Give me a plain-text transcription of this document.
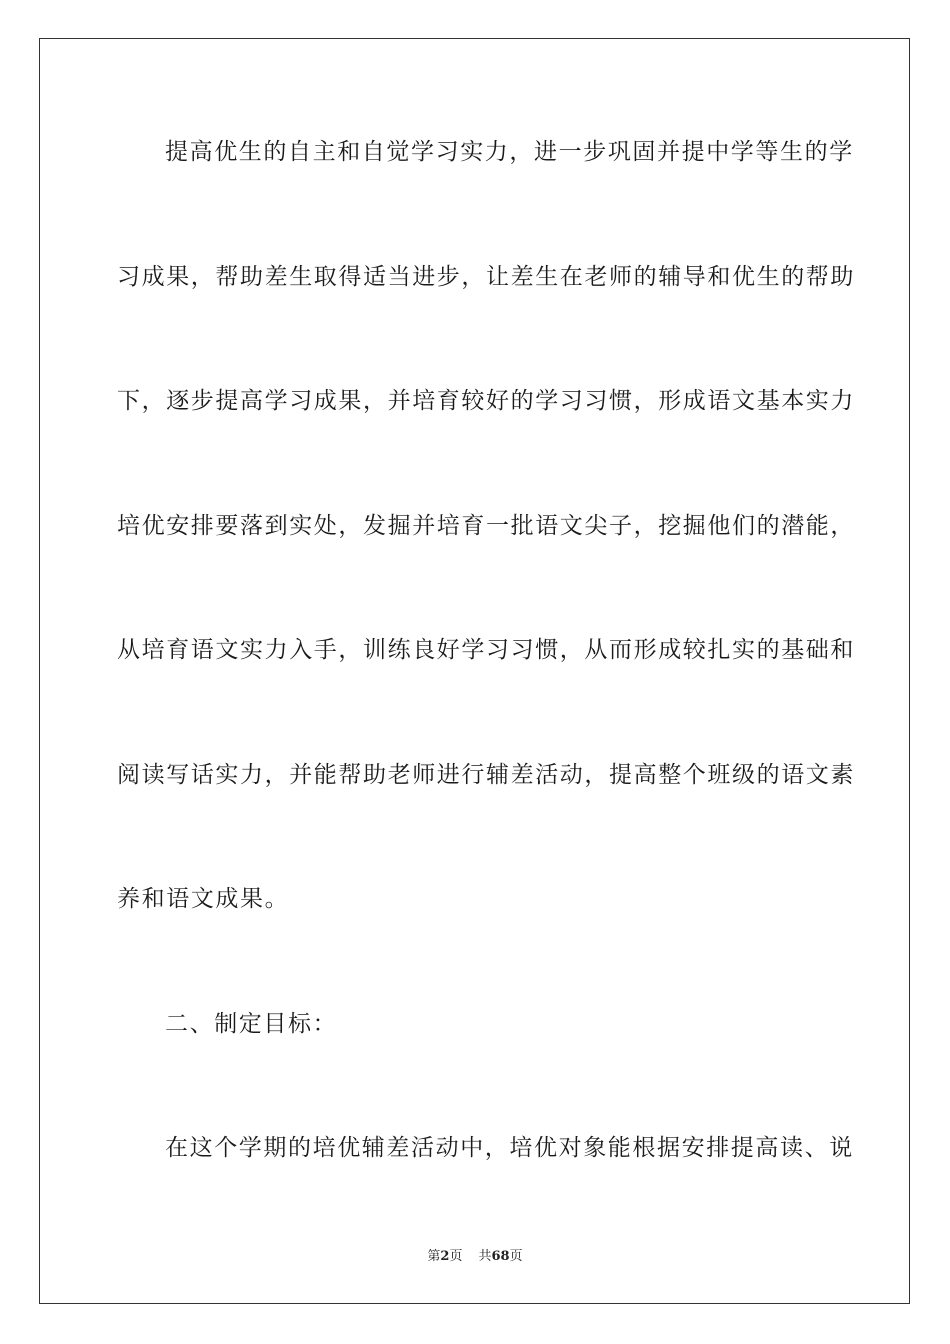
提高优生的自主和自觉学习实力，进一步巩固并提中学等生的学
习成果，帮助差生取得适当进步，让差生在老师的辅导和优生的帮助
下，逐步提高学习成果，并培育较好的学习习惯，形成语文基本实力
培优安排要落到实处，发掘并培育一批语文尖子，挖掘他们的潜能，
从培育语文实力入手，训练良好学习习惯，从而形成较扎实的基础和
阅读写话实力，并能帮助老师进行辅差活动，提高整个班级的语文素
养和语文成果。
二、制定目标：
在这个学期的培优辅差活动中，培优对象能根据安排提高读、说
第2页 共68页
